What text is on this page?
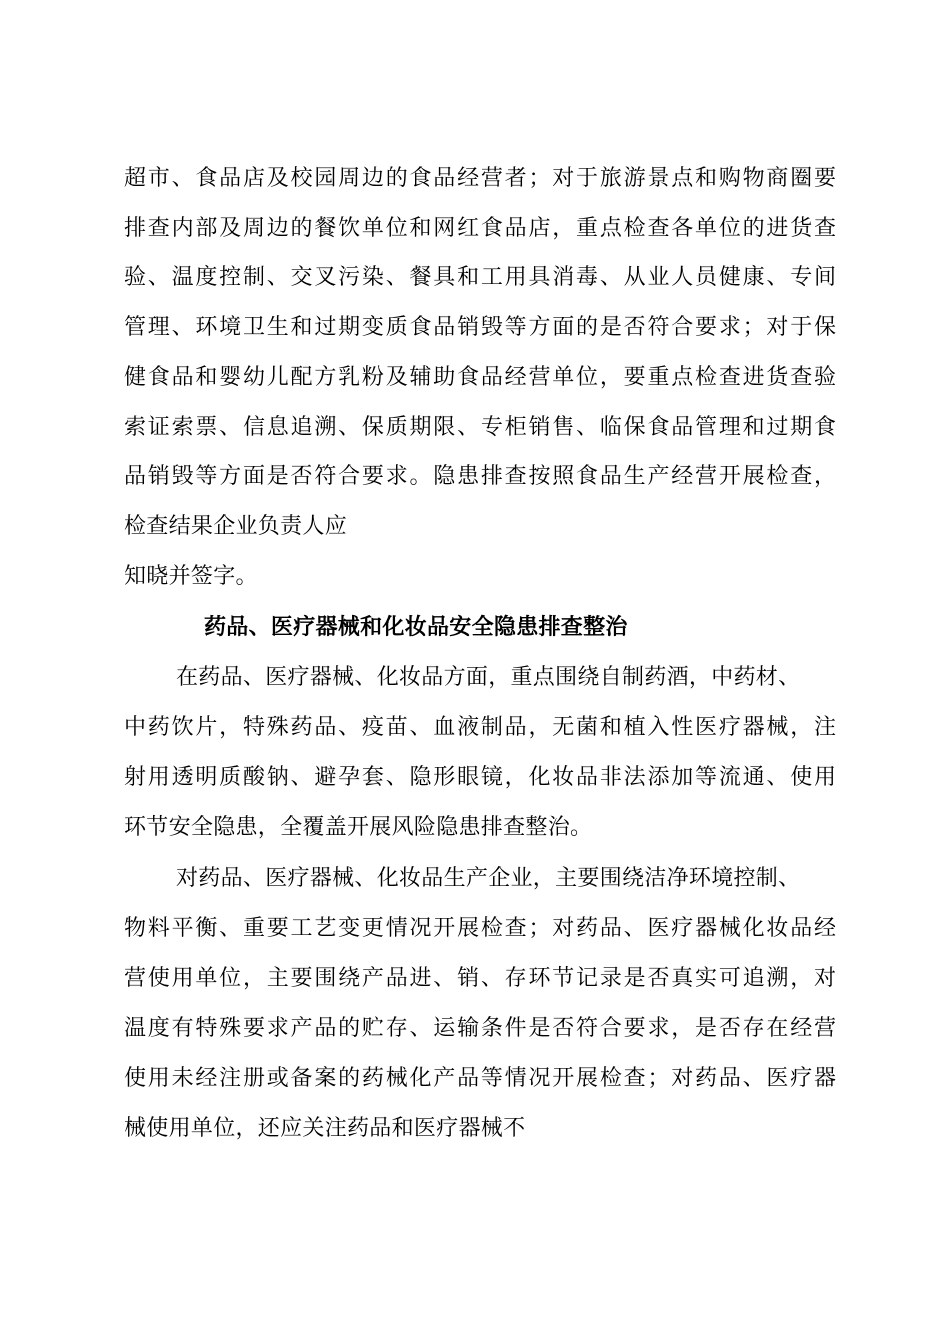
超市、食品店及校园周边的食品经营者；对于旅游景点和购物商圈要

排查内部及周边的餐饮单位和网红食品店，重点检查各单位的进货查

验、温度控制、交叉污染、餐具和工用具消毒、从业人员健康、专间

管理、环境卫生和过期变质食品销毁等方面的是否符合要求；对于保

健食品和婴幼儿配方乳粉及辅助食品经营单位，要重点检查进货查验

索证索票、信息追溯、保质期限、专柜销售、临保食品管理和过期食

品销毁等方面是否符合要求。隐患排查按照食品生产经营开展检查，

检查结果企业负责人应

知晓并签字。

药品、医疗器械和化妆品安全隐患排查整治

在药品、医疗器械、化妆品方面，重点围绕自制药酒，中药材、

中药饮片，特殊药品、疫苗、血液制品，无菌和植入性医疗器械，注

射用透明质酸钠、避孕套、隐形眼镜，化妆品非法添加等流通、使用

环节安全隐患，全覆盖开展风险隐患排查整治。

对药品、医疗器械、化妆品生产企业，主要围绕洁净环境控制、

物料平衡、重要工艺变更情况开展检查；对药品、医疗器械化妆品经

营使用单位，主要围绕产品进、销、存环节记录是否真实可追溯，对

温度有特殊要求产品的贮存、运输条件是否符合要求，是否存在经营

使用未经注册或备案的药械化产品等情况开展检查；对药品、医疗器

械使用单位，还应关注药品和医疗器械不
